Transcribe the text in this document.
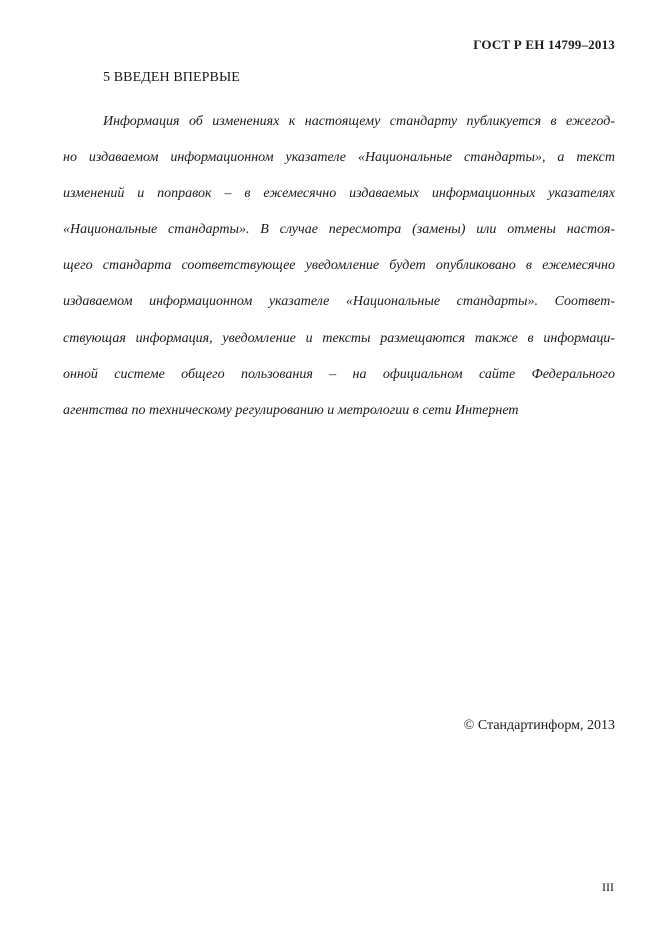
ГОСТ Р ЕН 14799–2013
5 ВВЕДЕН ВПЕРВЫЕ
Информация об изменениях к настоящему стандарту публикуется в ежегод-
но издаваемом информационном указателе «Национальные стандарты», а текст
изменений и поправок – в ежемесячно издаваемых информационных указателях
«Национальные стандарты». В случае пересмотра (замены) или отмены настоя-
щего стандарта соответствующее уведомление будет опубликовано в ежемесячно
издаваемом информационном указателе «Национальные стандарты». Соответ-
ствующая информация, уведомление и тексты размещаются также в информаци-
онной системе общего пользования – на официальном сайте Федерального
агентства по техническому регулированию и метрологии в сети Интернет
© Стандартинформ, 2013
III
